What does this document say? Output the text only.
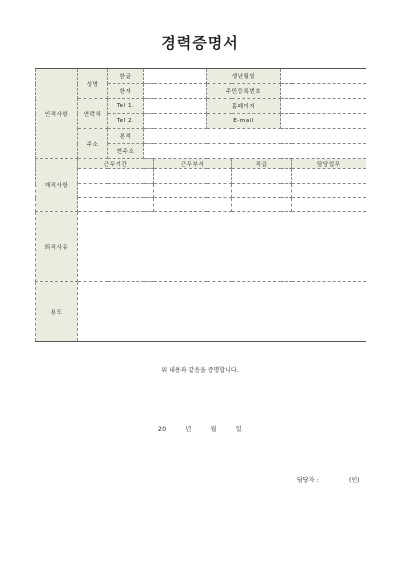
경력증명서
인적사항	성명	한글			생년월일			
		한자			주민등록번호			
	연락처	Tel 1.			홈페이지			
		Tel 2.			E-mail			
	주소	본적						
		현주소						
재직사항	근무기간			근무부서		직급		담당업무

퇴직사유								
용도								
위 내용과 같음을 증명합니다.
20	년	월	일
담당자 :	(인)
